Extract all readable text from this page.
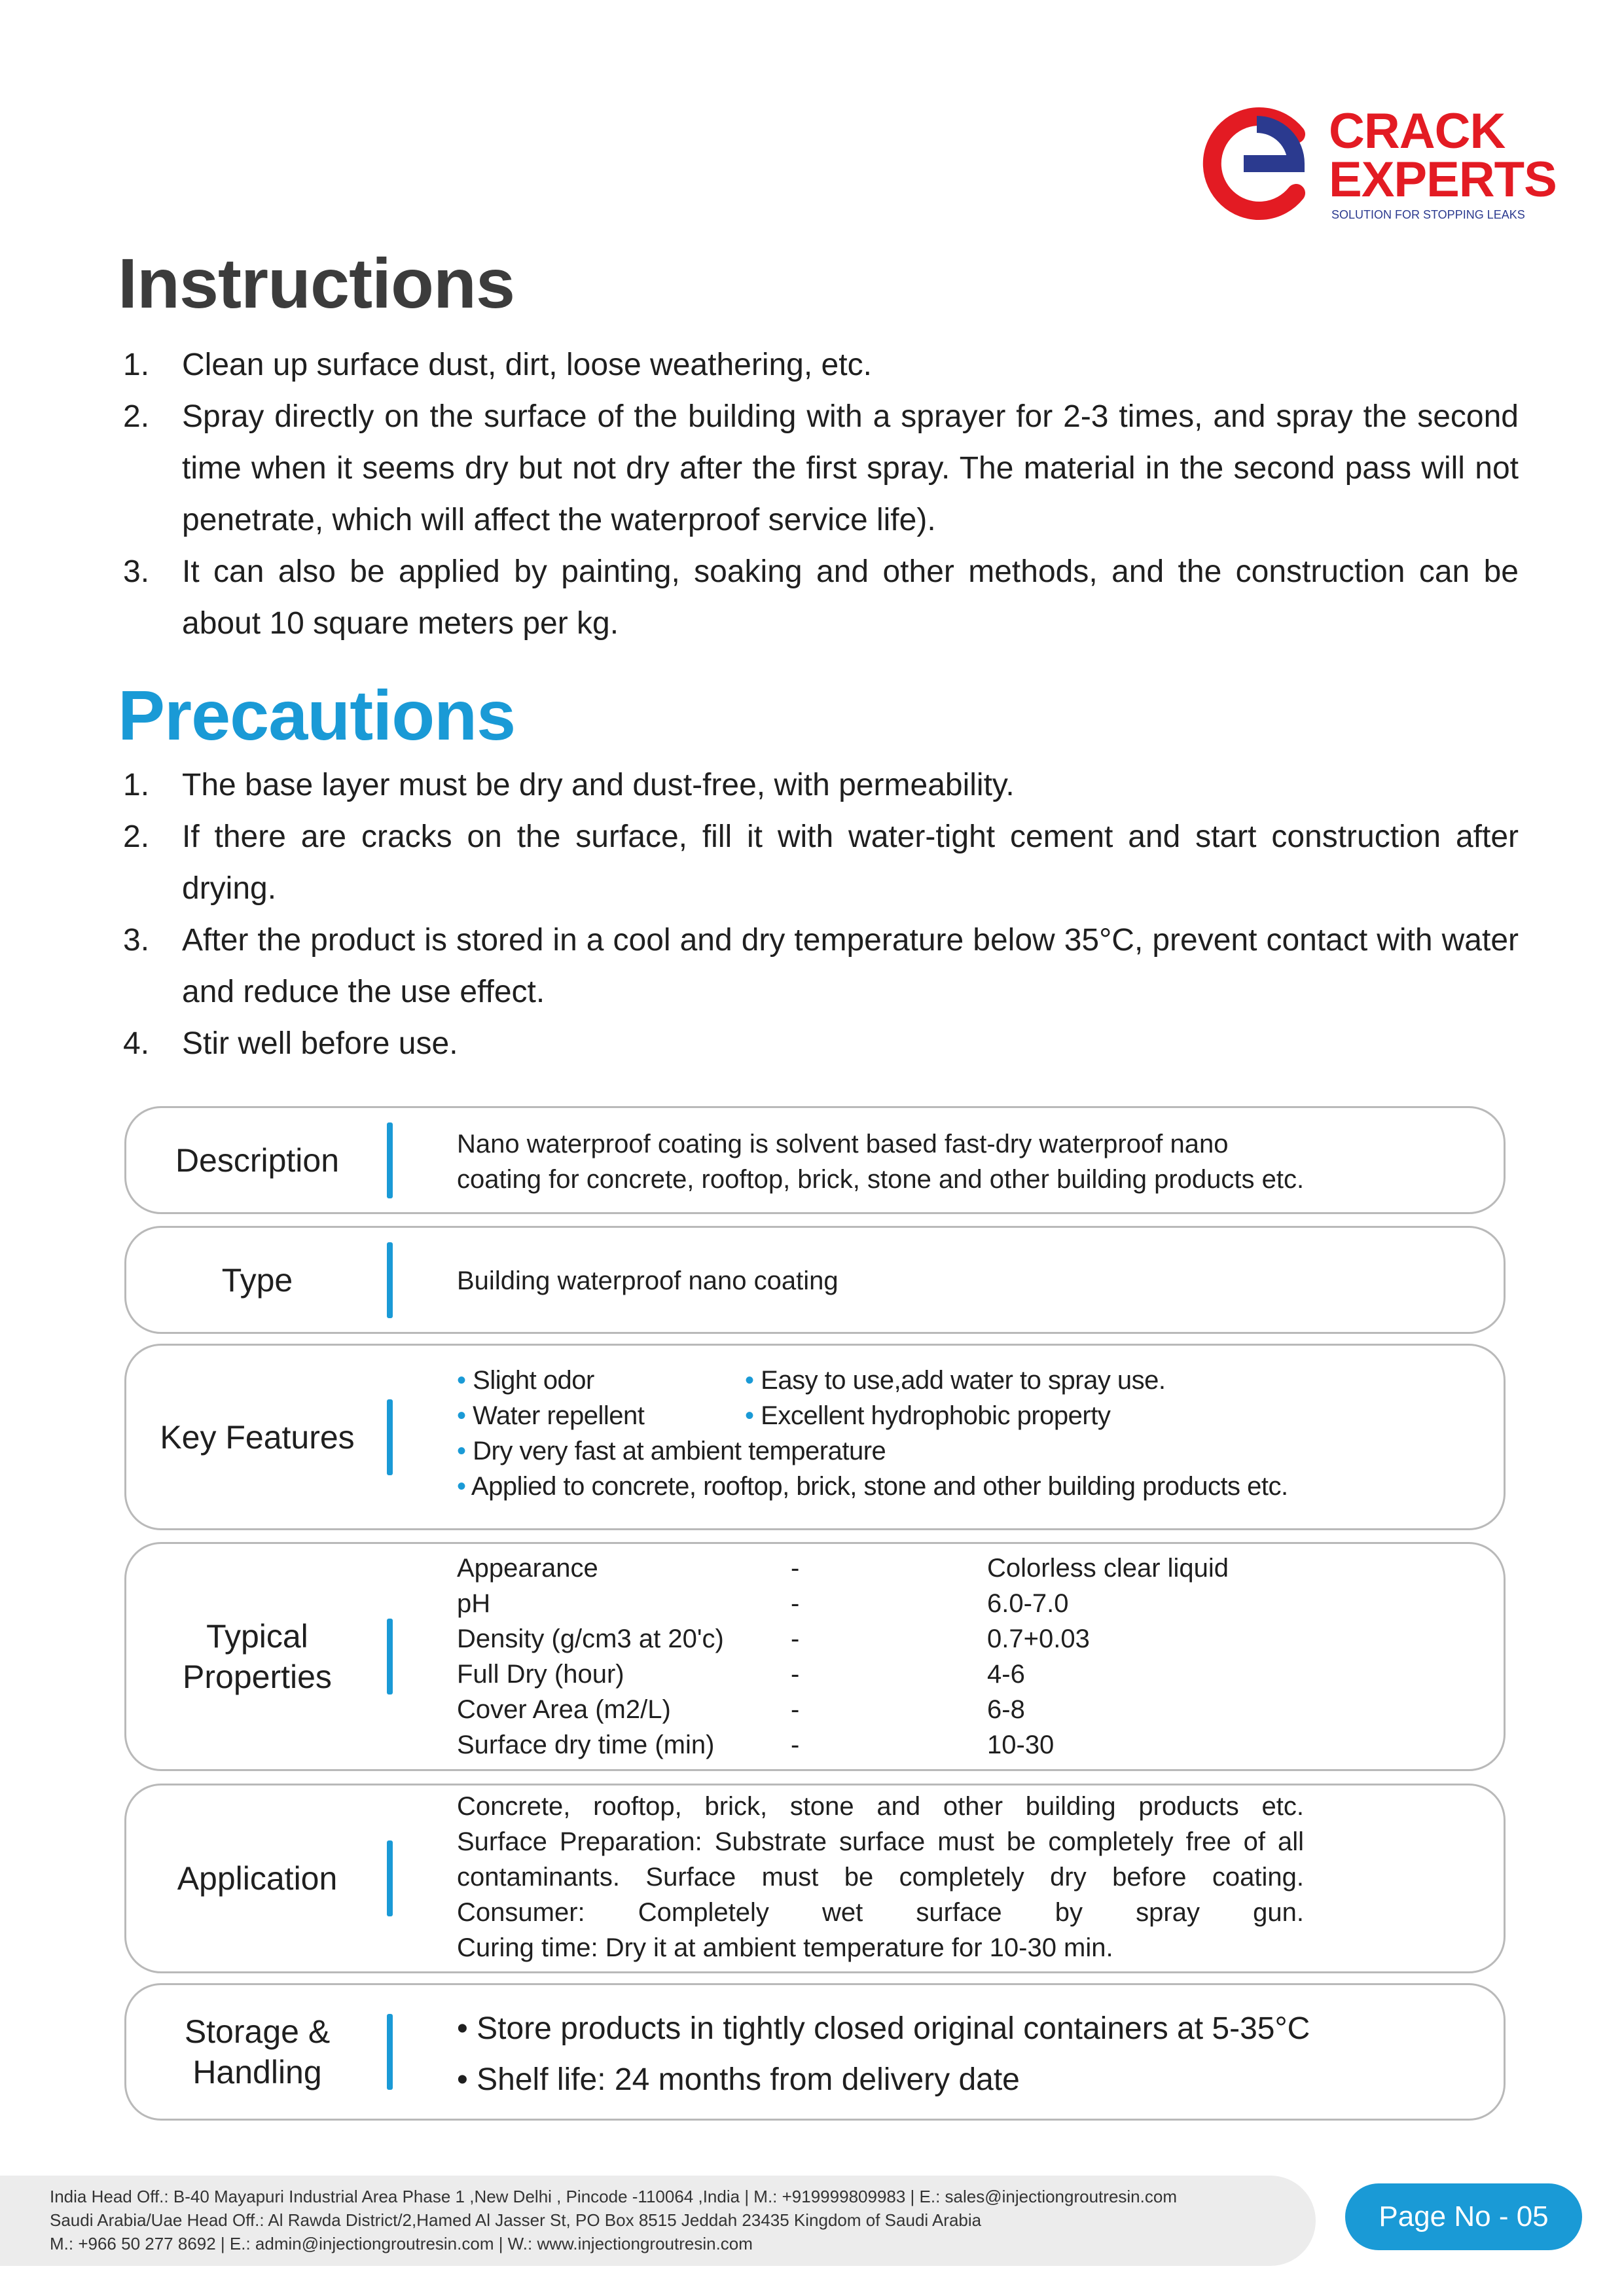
CRACK
EXPERTS
SOLUTION FOR STOPPING LEAKS
Instructions
1. Clean up surface dust, dirt, loose weathering, etc.
2. Spray directly on the surface of the building with a sprayer for 2-3 times, and spray the second time when it seems dry but not dry after the first spray. The material in the second pass will not penetrate, which will affect the waterproof service life).
3. It can also be applied by painting, soaking and other methods, and the construction can be about 10 square meters per kg.
Precautions
1. The base layer must be dry and dust-free, with permeability.
2. If there are cracks on the surface, fill it with water-tight cement and start construction after drying.
3. After the product is stored in a cool and dry temperature below 35°C, prevent contact with water and reduce the use effect.
4. Stir well before use.
Description	Nano waterproof coating is solvent based fast-dry waterproof nano coating for concrete, rooftop, brick, stone and other building products etc.
Type	Building waterproof nano coating
Key Features
• Slight odor	• Easy to use,add water to spray use.
• Water repellent	• Excellent hydrophobic property
• Dry very fast at ambient temperature
• Applied to concrete, rooftop, brick, stone and other building products etc.
Typical
Properties
Appearance	-	Colorless clear liquid
pH	-	6.0-7.0
Density (g/cm3 at 20'c)	-	0.7+0.03
Full Dry (hour)	-	4-6
Cover Area (m2/L)	-	6-8
Surface dry time (min)	-	10-30
Application
Concrete, rooftop, brick, stone and other building products etc.
Surface Preparation: Substrate surface must be completely free of all
contaminants. Surface must be completely dry before coating.
Consumer: Completely wet surface by spray gun.
Curing time: Dry it at ambient temperature for 10-30 min.
Storage &
Handling
• Store products in tightly closed original containers at 5-35°C
• Shelf life: 24 months from delivery date
India Head Off.: B-40 Mayapuri Industrial Area Phase 1 ,New Delhi , Pincode -110064 ,India | M.: +919999809983 | E.: sales@injectiongroutresin.com
Saudi Arabia/Uae Head Off.: Al Rawda District/2,Hamed Al Jasser St, PO Box 8515 Jeddah 23435 Kingdom of Saudi Arabia
M.: +966 50 277 8692 | E.: admin@injectiongroutresin.com | W.: www.injectiongroutresin.com
Page No - 05
